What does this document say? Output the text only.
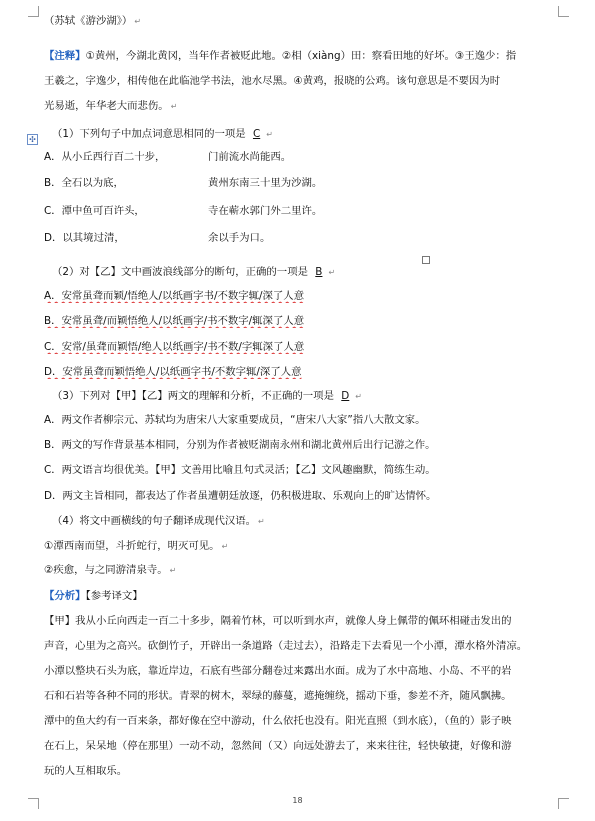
✣
（苏轼《游沙湖》） ↵
【注释】①黄州，今湖北黄冈，当年作者被贬此地。②相（xiàng）田：察看田地的好坏。③王逸少：指
王羲之，字逸少，相传他在此临池学书法，池水尽黑。④黄鸡，报晓的公鸡。该句意思是不要因为时
光易逝，年华老大而悲伤。 ↵
（1）下列句子中加点词意思相同的一项是 C ↵
A．从小丘西行百二十步，	门前流水尚能西。
B．全石以为底，	黄州东南三十里为沙湖。
C．潭中鱼可百许头，	寺在蕲水郭门外二里许。
D．以其境过清，	余以手为口。
（2）对【乙】文中画波浪线部分的断句，正确的一项是 B ↵
A．安常虽聋而颖/悟绝人/以纸画字书/不数字辄/深了人意
B．安常虽聋/而颖悟绝人/以纸画字/书不数字/辄深了人意
C．安常/虽聋而颖悟/绝人以纸画字/书不数/字辄深了人意
D．安常虽聋而颖悟绝人/以纸画字书/不数字辄/深了人意
（3）下列对【甲】【乙】两文的理解和分析，不正确的一项是 D ↵
A．两文作者柳宗元、苏轼均为唐宋八大家重要成员，“唐宋八大家”指八大散文家。
B．两文的写作背景基本相同，分别为作者被贬湖南永州和湖北黄州后出行记游之作。
C．两文语言均很优美。【甲】文善用比喻且句式灵活；【乙】文风趣幽默，简练生动。
D．两文主旨相同，都表达了作者虽遭朝廷放逐，仍积极进取、乐观向上的旷达情怀。
（4）将文中画横线的句子翻译成现代汉语。 ↵
①潭西南而望，斗折蛇行，明灭可见。 ↵
②疾愈，与之同游清泉寺。 ↵
【分析】【参考译文】
【甲】我从小丘向西走一百二十多步，隔着竹林，可以听到水声，就像人身上佩带的佩环相碰击发出的
声音，心里为之高兴。砍倒竹子，开辟出一条道路（走过去），沿路走下去看见一个小潭，潭水格外清凉。
小潭以整块石头为底，靠近岸边，石底有些部分翻卷过来露出水面。成为了水中高地、小岛、不平的岩
石和石岩等各种不同的形状。青翠的树木，翠绿的藤蔓，遮掩缠绕，摇动下垂，参差不齐，随风飘拂。
潭中的鱼大约有一百来条，都好像在空中游动，什么依托也没有。阳光直照（到水底），（鱼的）影子映
在石上，呆呆地（停在那里）一动不动，忽然间（又）向远处游去了，来来往往，轻快敏捷，好像和游
玩的人互相取乐。
18
